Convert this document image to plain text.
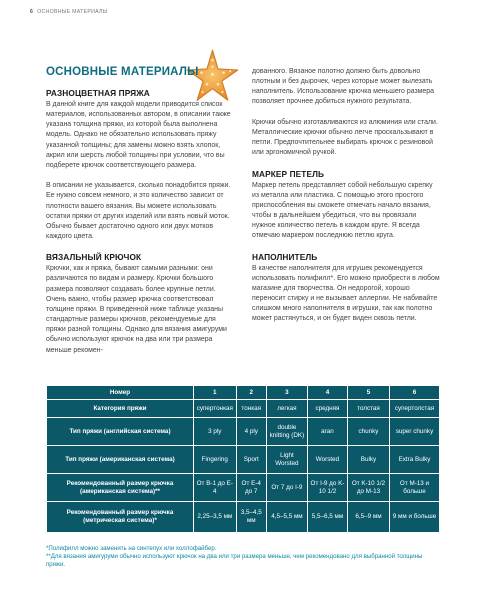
6 ОСНОВНЫЕ МАТЕРИАЛЫ
ОСНОВНЫЕ МАТЕРИАЛЫ
РАЗНОЦВЕТНАЯ ПРЯЖА

В данной книге для каждой модели приводится список материалов, использованных автором, в описании также указана толщина пряжи, из которой была выполнена модель. Однако не обязательно использовать пряжу указанной толщины; для замены можно взять хлопок, акрил или шерсть любой толщины при условии, что вы подберете крючок соответствующего размера.

В описании не указывается, сколько понадобится пряжи. Ее нужно совсем немного, и это количество зависит от плотности вашего вязания. Вы можете использовать остатки пряжи от других изделий или взять новый моток. Обычно бывает достаточно одного или двух мотков каждого цвета.

ВЯЗАЛЬНЫЙ КРЮЧОК

Крючки, как и пряжа, бывают самыми разными: они различаются по видам и размеру. Крючки большого размера позволяют создавать более крупные петли. Очень важно, чтобы размер крючка соответствовал толщине пряжи. В приведенной ниже таблице указаны стандартные размеры крючков, рекомендуемые для пряжи разной толщины. Однако для вязания амигуруми обычно используют крючок на два или три размера меньше рекомен-

дованного. Вязаное полотно должно быть довольно плотным и без дырочек, через которые может вылезать наполнитель. Использование крючка меньшего размера позволяет прочнее добиться нужного результата.

Крючки обычно изготавливаются из алюминия или стали. Металлические крючки обычно легче проскальзывают в петли. Предпочтительнее выбирать крючок с резиновой или эргономичной ручкой.

МАРКЕР ПЕТЕЛЬ

Маркер петель представляет собой небольшую скрепку из металла или пластика. С помощью этого простого приспособления вы сможете отмечать начало вязания, чтобы в дальнейшем убедиться, что вы провязали нужное количество петель в каждом круге. Я всегда отмечаю маркером последнюю петлю круга.

НАПОЛНИТЕЛЬ

В качестве наполнителя для игрушек рекомендуется использовать полифилл*. Его можно приобрести в любом магазине для творчества. Он недорогой, хорошо переносит стирку и не вызывает аллергии. Не набивайте слишком много наполнителя в игрушки, так как полотно может растянуться, и он будет виден сквозь петли.

Номер	1	2	3	4	5	6
Категория пряжи	супертонкая	тонкая	легкая	средняя	толстая	супертолстая
Тип пряжи (английская система)	3 ply	4 ply	double knitting (DK)	aran	chunky	super chunky
Тип пряжи (американская система)	Fingering	Sport	Light Worsted	Worsted	Bulky	Extra Bulky
Рекомендованный размер крючка (американская система)**	От B-1 до E-4	От E-4 до 7	От 7 до I-9	От I-9 до K-10 1/2	От K-10 1/2 до M-13	От M-13 и больше
Рекомендованный размер крючка (метрическая система)*	2,25–3,5 мм	3,5–4,5 мм	4,5–5,5 мм	5,5–6,5 мм	6,5–9 мм	9 мм и больше
*Полифилл можно заменить на синтепух или холлофайбер.
**Для вязания амигуруми обычно используют крючок на два или три размера меньше, чем рекомендовано для выбранной толщины пряжи.
